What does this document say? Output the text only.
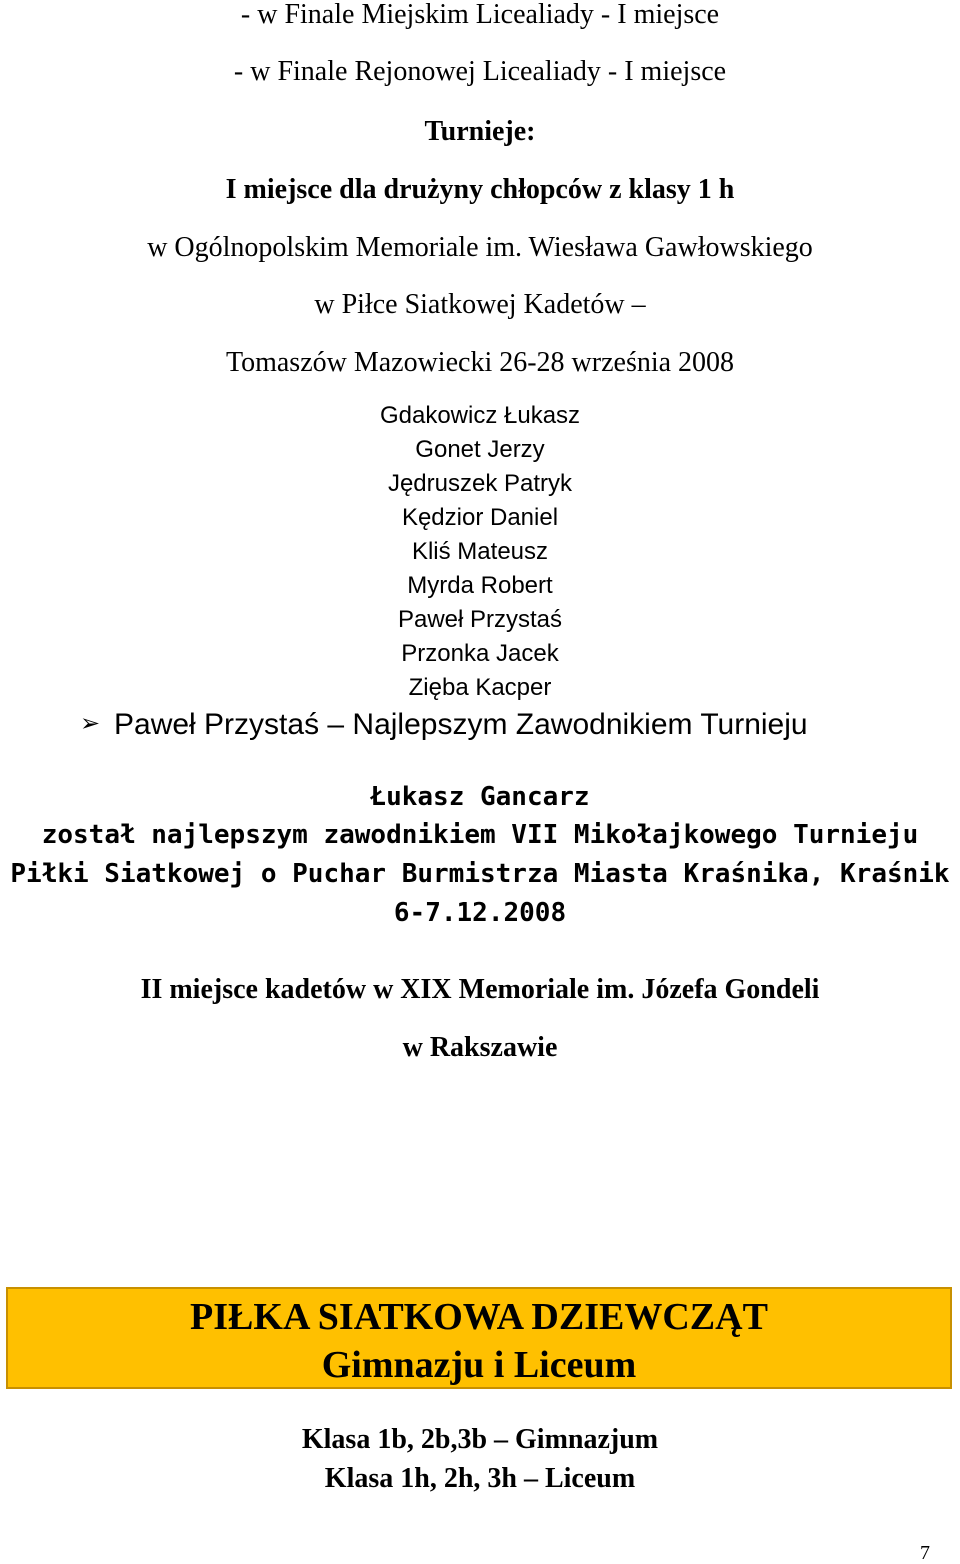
- w Finale Miejskim Licealiady - I miejsce
- w Finale Rejonowej Licealiady - I miejsce
Turnieje:
I miejsce dla drużyny chłopców z klasy 1 h
w Ogólnopolskim Memoriale im. Wiesława Gawłowskiego
w Piłce Siatkowej Kadetów –
Tomaszów Mazowiecki 26-28 września 2008
Gdakowicz Łukasz
Gonet Jerzy
Jędruszek Patryk
Kędzior Daniel
Kliś Mateusz
Myrda Robert
Paweł Przystaś
Przonka Jacek
Zięba Kacper
➢ Paweł Przystaś – Najlepszym Zawodnikiem Turnieju
Łukasz Gancarz
został najlepszym zawodnikiem VII Mikołajkowego Turnieju
Piłki Siatkowej o Puchar Burmistrza Miasta Kraśnika, Kraśnik
6-7.12.2008
II miejsce kadetów w XIX Memoriale im. Józefa Gondeli
w Rakszawie
PIŁKA SIATKOWA DZIEWCZĄT
Gimnazju i Liceum
Klasa 1b, 2b,3b – Gimnazjum
Klasa 1h, 2h, 3h – Liceum
7
